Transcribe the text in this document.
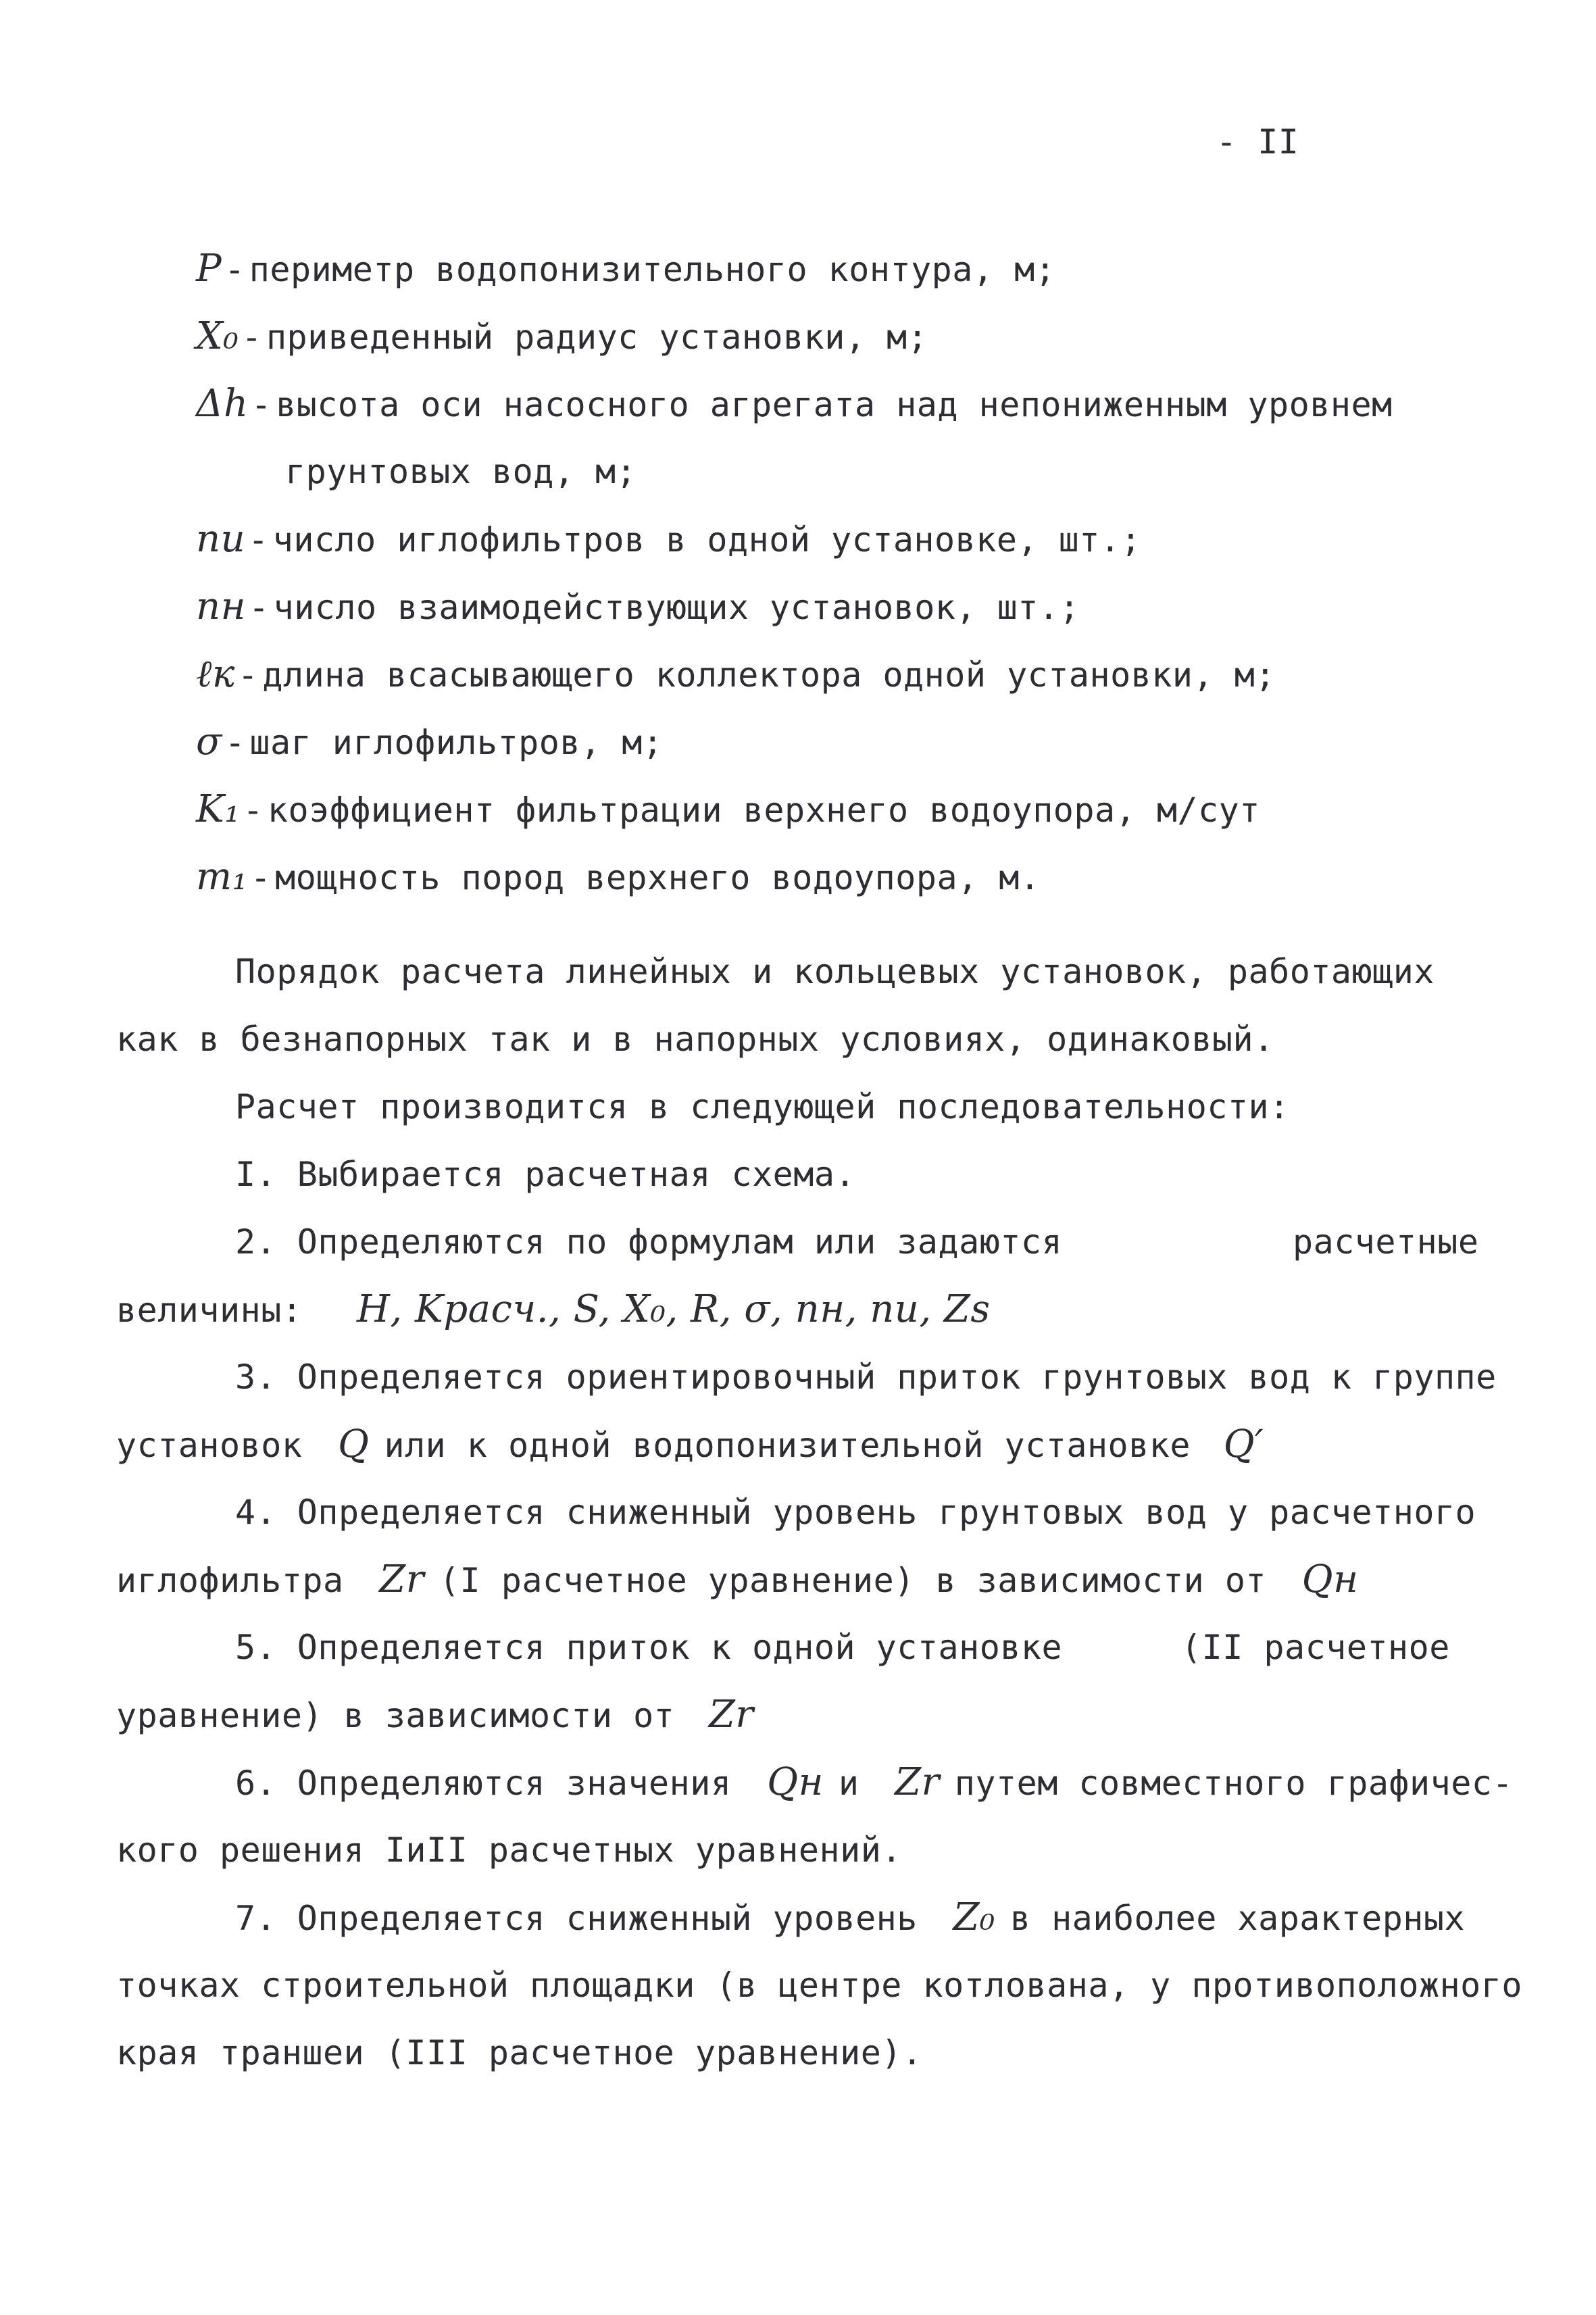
- II
P- периметр водопонизительного контура, м;
X₀- приведенный радиус установки, м;
Δh- высота оси насосного агрегата над непониженным уровнем
грунтовых вод, м;
nи- число иглофильтров в одной установке, шт.;
nн- число взаимодействующих установок, шт.;
ℓк- длина всасывающего коллектора одной установки, м;
σ- шаг иглофильтров, м;
K₁- коэффициент фильтрации верхнего водоупора, м/сут
m₁- мощность пород верхнего водоупора, м.
Порядок расчета линейных и кольцевых установок, работающих
как в безнапорных так и в напорных условиях, одинаковый.
Расчет производится в следующей последовательности:
I. Выбирается расчетная схема.
2. Определяются по формулам или задаются	расчетные
величины: H, Kрасч., S, X₀, R, σ, nн, nи, Zs
3. Определяется ориентировочный приток грунтовых вод к группе
установок Q или к одной водопонизительной установке Q′
4. Определяется сниженный уровень грунтовых вод у расчетного
иглофильтра Zr (I расчетное уравнение) в зависимости от Qн
5. Определяется приток к одной установке	(II расчетное
уравнение) в зависимости от Zr
6. Определяются значения Qн и Zr путем совместного графичес-
кого решения IиII расчетных уравнений.
7. Определяется сниженный уровень Z₀ в наиболее характерных
точках строительной площадки (в центре котлована, у противоположного
края траншеи (III расчетное уравнение).
